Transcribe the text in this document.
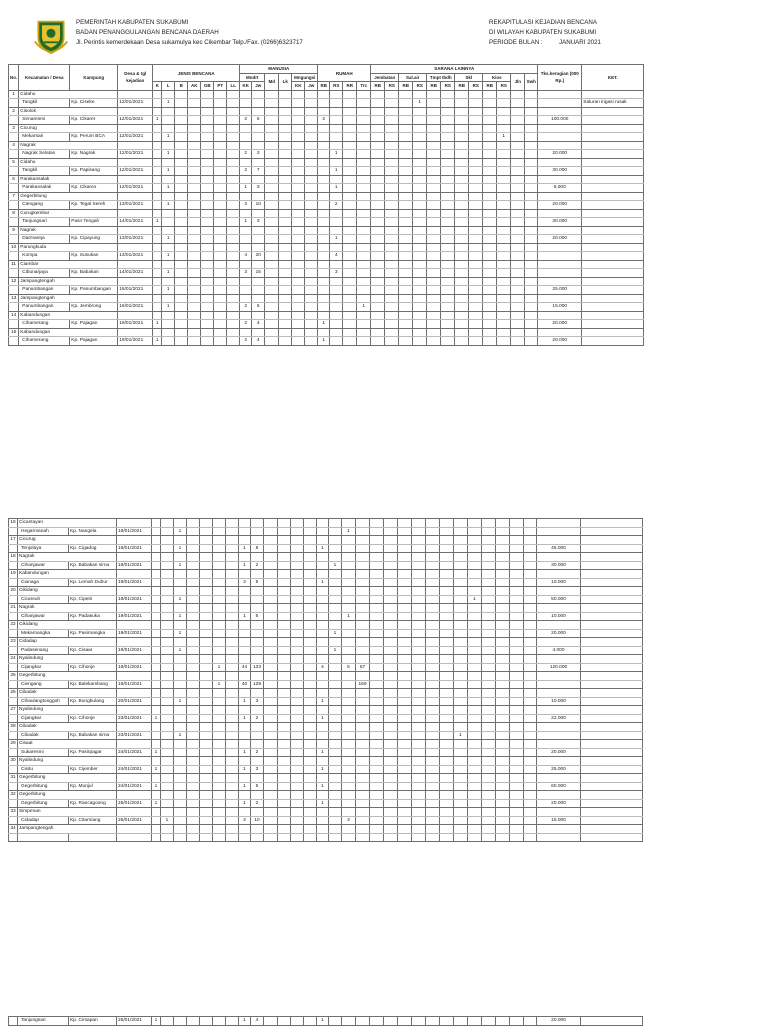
PEMERINTAH KABUPATEN SUKABUMI
BADAN PENANGGULANGAN BENCANA DAERAH
Jl. Perintis kemerdekaan Desa sukamulya kec Cikembar Telp./Fax. (0266)6323717
REKAPITULASI KEJADIAN BENCANA
DI WILAYAH KABUPATEN SUKABUMI
PERIODE BULAN :	JANUARI 2021
No.	Kecamatan / Desa	Kampung	Desa & tgl kejadian	JENIS BENCANA							MANUSIA						RUMAH				SARANA LAINNYA												Tks.kerugian (000 Rp.)	KET.
											Mndrt		Md	Lk	Mngungsi						Jembatan		Sal.air		Tmpt Ibdh		Skl		Kios		Jln	Swh		
				K	L	B	AK	GB	PT	LL	KK	Jw			KK	Jw	RB	RS	RR	Trc	RB	RS	RB	RS	RB	RS	RB	RS	RB	RS				
1	Cidahu																																	
	Tangkil	Kp. Ciseke	12/01/2021		1																			1										Saluran irigasi rusak
2	Cisolok																																	
	Sirnaresmi	Kp. Cikaret	12/01/2021	1							2	6					2																100.000	
3	Cicurug																																	
	Mekarsari	Kp. Perum BCA	12/01/2021		1																									1				
4	Nagrak																																	
	Nagrak Selatan	Kp. Nagrak	12/01/2021		1						2	3						1															20.000	
5	Cidahu																																	
	Tangkil	Kp. Papisang	12/01/2021		1						2	7						1															30.000	
6	Parakansalak																																	
	Parakansalak	Kp. Cikareo	12/01/2021		1						1	3						1															5.000	
7	Gegerbitung																																	
	Ciengang	Kp. Tegal Sereh	13/01/2021		1						3	10						2															20.000	
8	Curugkembar																																	
	Tanjungsari	Pasir Tengah	14/01/2021	1							1	3																					30.000	
9	Nagrak																																	
	Darmareja	Kp. Cipayung	13/01/2021		1													1															20.000	
10	Parungkuda																																	
	Kompa	Kp. Susukan	13/01/2021		1						4	20						4																
11	Ciambar																																	
	Cibunarjaya	Kp. Babakan	14/01/2021		1						3	15						3																
12	Jampangtengah																																	
	Panumbangan	Kp. Panumbangan	16/01/2021		1																												25.000	
13	Jampangtengah																																	
	Panumbangan	Kp. Jembrong	16/01/2021		1						2	6								1													15.000	
14	Kabandungan																																	
	Cihamerang	Kp. Pajagan	19/01/2021	1							2	4					1																20.000	
15	Kabandungan																																	
	Cihamerang	Kp. Pajagan	19/01/2021	1							2	4					1																20.000	
16	Cicantayan																																	
	Hegarmanah	Kp. Nangela	19/01/2021			1													1															
17	Cicurug																																	
	Tenjolaya	Kp. Cigadog	19/01/2021			1					1	8					1																45.000	
18	Nagrak																																	
	Cihanjawar	Kp. Babakan sirna	19/01/2021			1					1	2						1															30.000	
19	Kabandungan																																	
	Cianaga	Kp. Lemah Duhur	19/01/2021								3	9					1																10.000	
20	Cikidang																																	
	Cicareuh	Kp. Cipetir	19/01/2021			1																						1					50.000	
21	Nagrak																																	
	Cihanjawar	Kp. Padasuka	19/01/2021			1					1	6							1														10.000	
22	Cikidang																																	
	Mekarnangka	Kp. Pasirnangka	19/01/2021			1												1															20.000	
23	Cidadap																																	
	Padasenang	Kp. Cisaar	19/01/2021			1												1															4.000	
24	Nyalindung																																	
	Cijangkar	Kp. Cihonje	19/01/2021						1		44	133					4		5	67													120.000	
25	Gegerbitung																																	
	Ciengang	Kp. Balekambang	19/01/2021						1		40	128								169														
26	Cibadak																																	
	Cihaulangtonggoh	Kp. Bungbulang	20/01/2021			1					1	3					1																10.000	
27	Nyalindung																																	
	Cijangkar	Kp. Cihonje	23/01/2021	1							1	2					1																22.000	
28	Cibadak																																	
	Cibadak	Kp. Babakan sirna	23/01/2021			1																					1							
29	Cisaat																																	
	Sukaresmi	Kp. Pasirpagar	24/01/2021	1							1	2					1																20.000	
30	Nyalindung																																	
	Cisitu	Kp. Cijember	24/01/2021	1							1	3					1																25.000	
31	Gegerbitung																																	
	Gegerbitung	Kp. Munjul	24/01/2021	1							1	5					1																60.000	
32	Gegerbitung																																	
	Gegerbitung	Kp. Rancagoong	25/01/2021	1							1	2					1																20.000	
33	Simpenan																																	
	Cidadap	Kp. Citarniang	25/01/2021		1						3	10							3														15.000	
34	Jampangtengah																																	

	Tanjungsari	Kp. Cimapan	25/01/2021	1							1	4					1																20.000	
